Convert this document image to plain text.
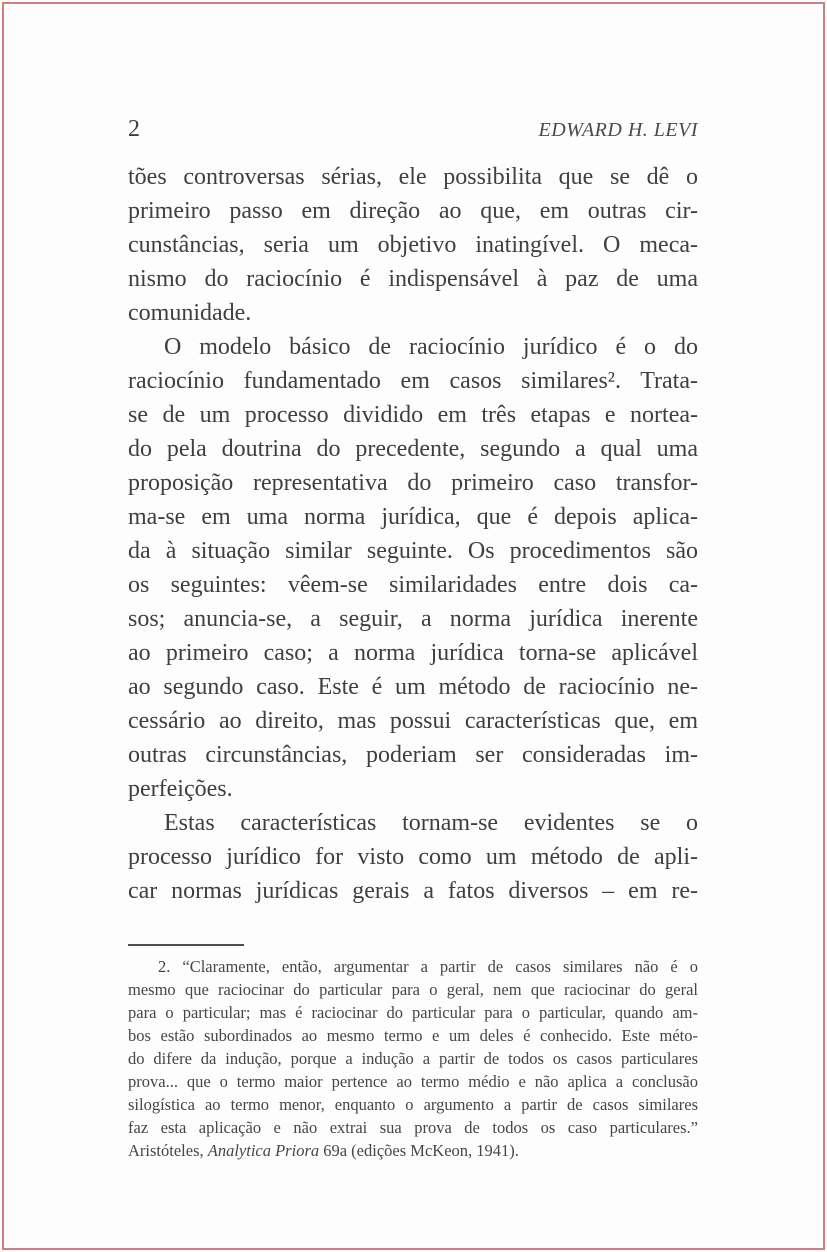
2	EDWARD H. LEVI
tões controversas sérias, ele possibilita que se dê o
primeiro passo em direção ao que, em outras cir-
cunstâncias, seria um objetivo inatingível. O meca-
nismo do raciocínio é indispensável à paz de uma
comunidade.
O modelo básico de raciocínio jurídico é o do
raciocínio fundamentado em casos similares². Trata-
se de um processo dividido em três etapas e nortea-
do pela doutrina do precedente, segundo a qual uma
proposição representativa do primeiro caso transfor-
ma-se em uma norma jurídica, que é depois aplica-
da à situação similar seguinte. Os procedimentos são
os seguintes: vêem-se similaridades entre dois ca-
sos; anuncia-se, a seguir, a norma jurídica inerente
ao primeiro caso; a norma jurídica torna-se aplicável
ao segundo caso. Este é um método de raciocínio ne-
cessário ao direito, mas possui características que, em
outras circunstâncias, poderiam ser consideradas im-
perfeições.
Estas características tornam-se evidentes se o
processo jurídico for visto como um método de apli-
car normas jurídicas gerais a fatos diversos – em re-
2. “Claramente, então, argumentar a partir de casos similares não é o
mesmo que raciocinar do particular para o geral, nem que raciocinar do geral
para o particular; mas é raciocinar do particular para o particular, quando am-
bos estão subordinados ao mesmo termo e um deles é conhecido. Este méto-
do difere da indução, porque a indução a partir de todos os casos particulares
prova... que o termo maior pertence ao termo médio e não aplica a conclusão
silogística ao termo menor, enquanto o argumento a partir de casos similares
faz esta aplicação e não extrai sua prova de todos os caso particulares.”
Aristóteles, Analytica Priora 69a (edições McKeon, 1941).
